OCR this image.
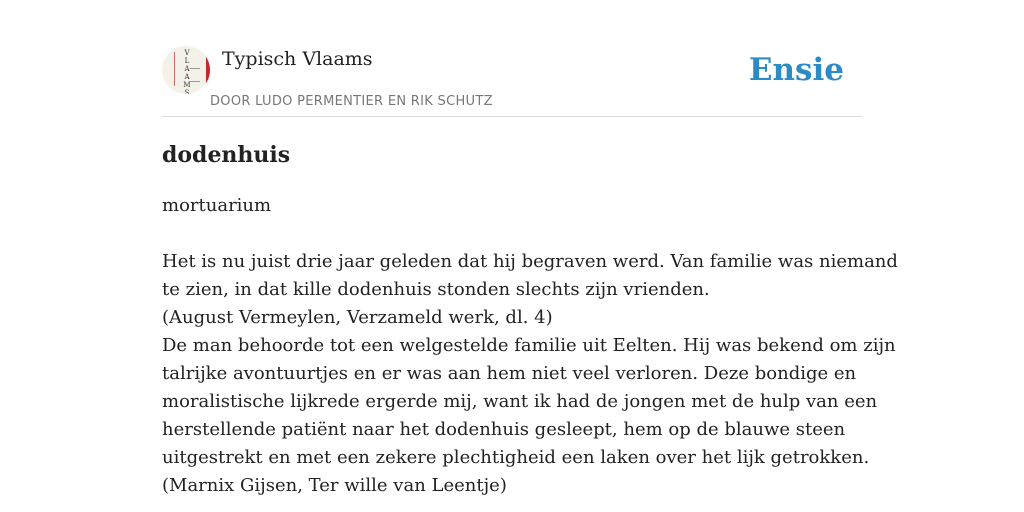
V
L
A
A
M
S
Typisch Vlaams
DOOR LUDO PERMENTIER EN RIK SCHUTZ
Ensie
dodenhuis
mortuarium
Het is nu juist drie jaar geleden dat hij begraven werd. Van familie was niemand
te zien, in dat kille dodenhuis stonden slechts zijn vrienden.
(August Vermeylen, Verzameld werk, dl. 4)
De man behoorde tot een welgestelde familie uit Eelten. Hij was bekend om zijn
talrijke avontuurtjes en er was aan hem niet veel verloren. Deze bondige en
moralistische lijkrede ergerde mij, want ik had de jongen met de hulp van een
herstellende patiënt naar het dodenhuis gesleept, hem op de blauwe steen
uitgestrekt en met een zekere plechtigheid een laken over het lijk getrokken.
(Marnix Gijsen, Ter wille van Leentje)
